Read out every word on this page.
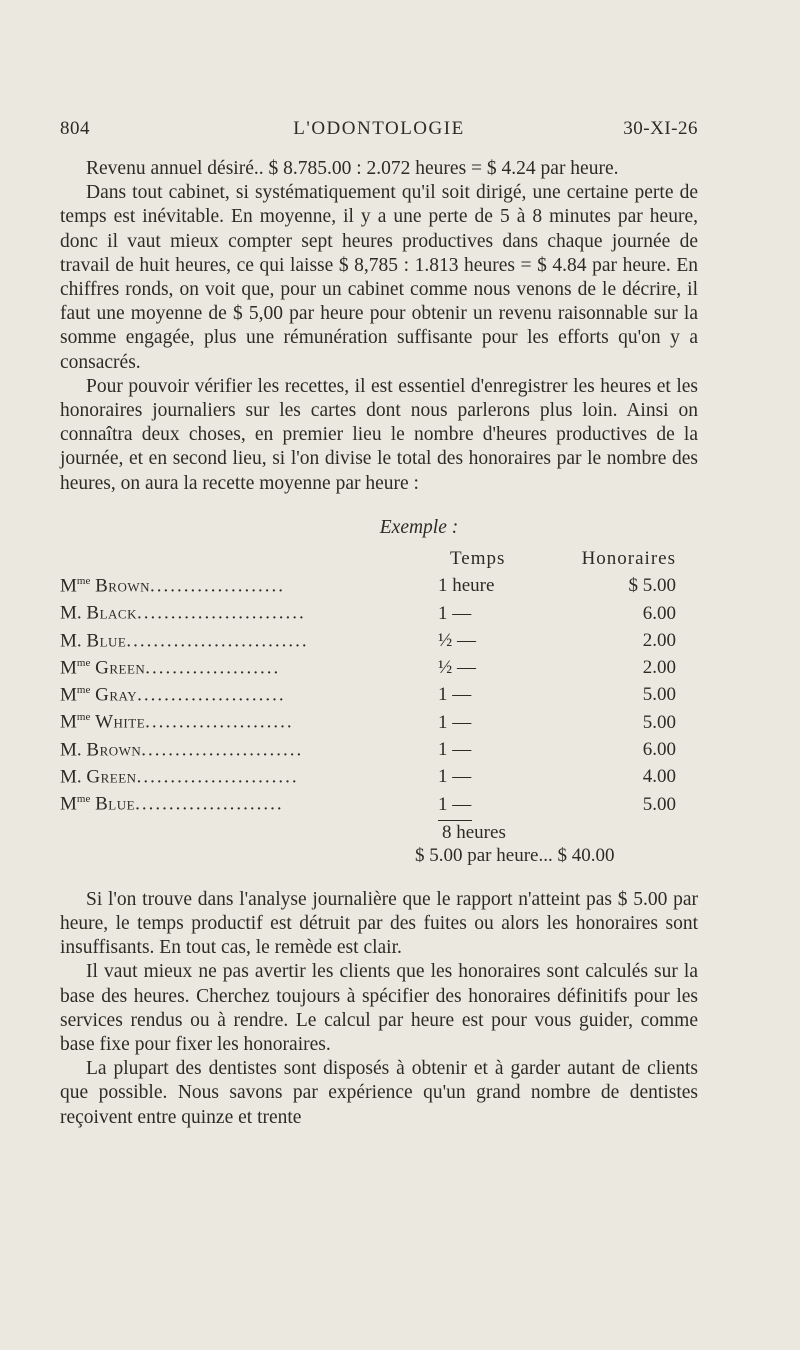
804	L'ODONTOLOGIE	30-XI-26

Revenu annuel désiré.. $ 8.785.00 : 2.072 heures = $ 4.24 par heure.

Dans tout cabinet, si systématiquement qu'il soit dirigé, une certaine perte de temps est inévitable. En moyenne, il y a une perte de 5 à 8 minutes par heure, donc il vaut mieux compter sept heures productives dans chaque journée de travail de huit heures, ce qui laisse $ 8,785 : 1.813 heures = $ 4.84 par heure. En chiffres ronds, on voit que, pour un cabinet comme nous venons de le décrire, il faut une moyenne de $ 5,00 par heure pour obtenir un revenu raisonnable sur la somme engagée, plus une rémunération suffisante pour les efforts qu'on y a consacrés.

Pour pouvoir vérifier les recettes, il est essentiel d'enregistrer les heures et les honoraires journaliers sur les cartes dont nous parlerons plus loin. Ainsi on connaîtra deux choses, en premier lieu le nombre d'heures productives de la journée, et en second lieu, si l'on divise le total des honoraires par le nombre des heures, on aura la recette moyenne par heure :

Exemple :
	Temps	Honoraires
$M^{me}$ Brown....................	1 heure	$ 5.00
M. Black.........................	1 —	6.00
M. Blue...........................	½ —	2.00
$M^{me}$ Green....................	½ —	2.00
$M^{me}$ Gray......................	1 —	5.00
$M^{me}$ White......................	1 —	5.00
M. Brown........................	1 —	6.00
M. Green........................	1 —	4.00
$M^{me}$ Blue......................	1 —	5.00
8 heures
$ 5.00 par heure... $ 40.00

Si l'on trouve dans l'analyse journalière que le rapport n'atteint pas $ 5.00 par heure, le temps productif est détruit par des fuites ou alors les honoraires sont insuffisants. En tout cas, le remède est clair.

Il vaut mieux ne pas avertir les clients que les honoraires sont calculés sur la base des heures. Cherchez toujours à spécifier des honoraires définitifs pour les services rendus ou à rendre. Le calcul par heure est pour vous guider, comme base fixe pour fixer les honoraires.

La plupart des dentistes sont disposés à obtenir et à garder autant de clients que possible. Nous savons par expérience qu'un grand nombre de dentistes reçoivent entre quinze et trente
